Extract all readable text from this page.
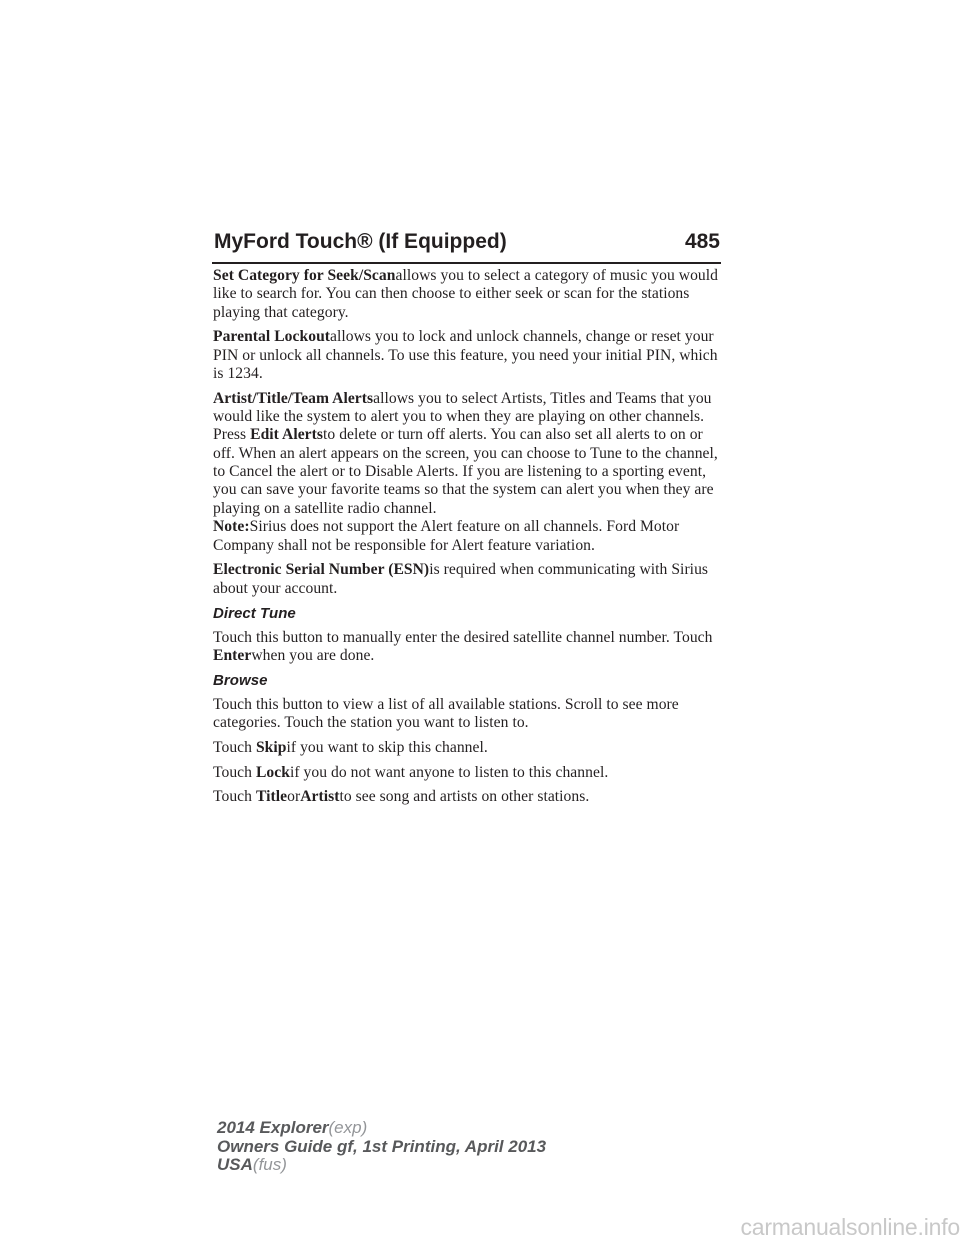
MyFord Touch® (If Equipped)	485

Set Category for Seek/Scanallows you to select a category of music you would like to search for. You can then choose to either seek or scan for the stations playing that category.

Parental Lockoutallows you to lock and unlock channels, change or reset your PIN or unlock all channels. To use this feature, you need your initial PIN, which is 1234.

Artist/Title/Team Alertsallows you to select Artists, Titles and Teams that you would like the system to alert you to when they are playing on other channels. Press Edit Alertsto delete or turn off alerts. You can also set all alerts to on or off. When an alert appears on the screen, you can choose to Tune to the channel, to Cancel the alert or to Disable Alerts. If you are listening to a sporting event, you can save your favorite teams so that the system can alert you when they are playing on a satellite radio channel.

Note:Sirius does not support the Alert feature on all channels. Ford Motor Company shall not be responsible for Alert feature variation.

Electronic Serial Number (ESN)is required when communicating with Sirius about your account.

Direct Tune

Touch this button to manually enter the desired satellite channel number. Touch Enterwhen you are done.

Browse

Touch this button to view a list of all available stations. Scroll to see more categories. Touch the station you want to listen to.

Touch Skipif you want to skip this channel.

Touch Lockif you do not want anyone to listen to this channel.

Touch TitleorArtistto see song and artists on other stations.

2014 Explorer(exp)
Owners Guide gf, 1st Printing, April 2013
USA(fus)
carmanualsonline.info
